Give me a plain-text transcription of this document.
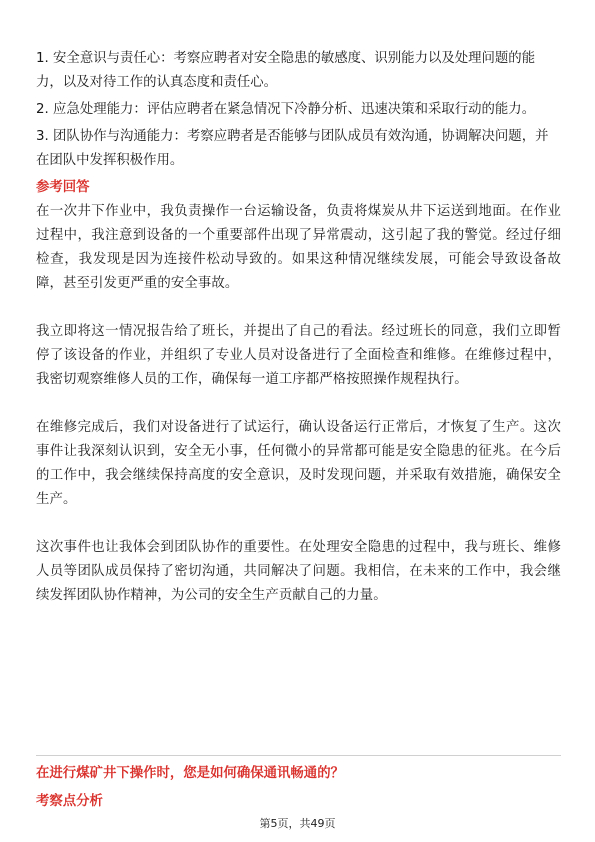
1. 安全意识与责任心：考察应聘者对安全隐患的敏感度、识别能力以及处理问题的能力，以及对待工作的认真态度和责任心。

2. 应急处理能力：评估应聘者在紧急情况下冷静分析、迅速决策和采取行动的能力。

3. 团队协作与沟通能力：考察应聘者是否能够与团队成员有效沟通，协调解决问题，并在团队中发挥积极作用。

参考回答

在一次井下作业中，我负责操作一台运输设备，负责将煤炭从井下运送到地面。在作业过程中，我注意到设备的一个重要部件出现了异常震动，这引起了我的警觉。经过仔细检查，我发现是因为连接件松动导致的。如果这种情况继续发展，可能会导致设备故障，甚至引发更严重的安全事故。

我立即将这一情况报告给了班长，并提出了自己的看法。经过班长的同意，我们立即暂停了该设备的作业，并组织了专业人员对设备进行了全面检查和维修。在维修过程中，我密切观察维修人员的工作，确保每一道工序都严格按照操作规程执行。

在维修完成后，我们对设备进行了试运行，确认设备运行正常后，才恢复了生产。这次事件让我深刻认识到，安全无小事，任何微小的异常都可能是安全隐患的征兆。在今后的工作中，我会继续保持高度的安全意识，及时发现问题，并采取有效措施，确保安全生产。

这次事件也让我体会到团队协作的重要性。在处理安全隐患的过程中，我与班长、维修人员等团队成员保持了密切沟通，共同解决了问题。我相信，在未来的工作中，我会继续发挥团队协作精神，为公司的安全生产贡献自己的力量。

在进行煤矿井下操作时，您是如何确保通讯畅通的？

考察点分析

第5页，共49页
